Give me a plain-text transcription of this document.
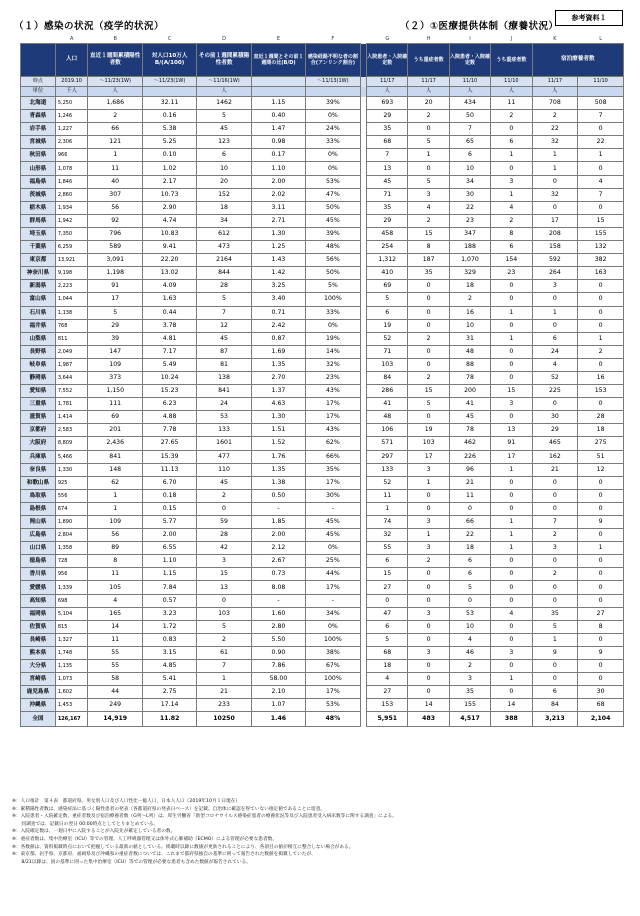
（１）感染の状況（疫学的状況）	（２）①医療提供体制（療養状況）
参考資料１
	A	B	C	D	E	F		G	H	I	J	K	L
	人口	直近１週間累積陽性者数	対人口10万人B/(A/100)	その前１週間累積陽性者数	直近１週間とその前１週間の比(B/D)	感染経路不明な者の割合(アンリンク割合)		入院患者・入院確定数	うち重症者数	入院患者・入院確定数	うち重症者数	宿泊療養者数	
時点	2019.10	～11/23(1W)	～11/23(1W)	～11/16(1W)		～11/13(1W)		11/17	11/17	11/10	11/10	11/17	11/10
単位	千人	人		人				人	人	人	人	人	
北海道	5,250	1,686	32.11	1462	1.15	39%		693	20	434	11	708	508
青森県	1,246	2	0.16	5	0.40	0%		29	2	50	2	2	7
岩手県	1,227	66	5.38	45	1.47	24%		35	0	7	0	22	0
宮城県	2,306	121	5.25	123	0.98	33%		68	5	65	6	32	22
秋田県	966	1	0.10	6	0.17	0%		7	1	6	1	1	1
山形県	1,078	11	1.02	10	1.10	0%		13	0	10	0	1	0
福島県	1,846	40	2.17	20	2.00	53%		45	5	34	3	0	4
茨城県	2,860	307	10.73	152	2.02	47%		71	3	30	1	32	7
栃木県	1,934	56	2.90	18	3.11	50%		35	4	22	4	0	0
群馬県	1,942	92	4.74	34	2.71	45%		29	2	23	2	17	15
埼玉県	7,350	796	10.83	612	1.30	39%		458	15	347	8	208	155
千葉県	6,259	589	9.41	473	1.25	48%		254	8	188	6	158	132
東京都	13,921	3,091	22.20	2164	1.43	56%		1,312	187	1,070	154	592	382
神奈川県	9,198	1,198	13.02	844	1.42	50%		410	35	329	23	264	163
新潟県	2,223	91	4.09	28	3.25	5%		69	0	18	0	3	0
富山県	1,044	17	1.63	5	3.40	100%		5	0	2	0	0	0
石川県	1,138	5	0.44	7	0.71	33%		6	0	16	1	1	0
福井県	768	29	3.78	12	2.42	0%		19	0	10	0	0	0
山梨県	811	39	4.81	45	0.87	19%		52	2	31	1	6	1
長野県	2,049	147	7.17	87	1.69	14%		71	0	48	0	24	2
岐阜県	1,987	109	5.49	81	1.35	32%		103	0	88	0	4	0
静岡県	3,644	373	10.24	138	2.70	23%		84	2	78	0	52	16
愛知県	7,552	1,150	15.23	841	1.37	43%		286	15	200	15	225	153
三重県	1,781	111	6.23	24	4.63	17%		41	5	41	3	0	0
滋賀県	1,414	69	4.88	53	1.30	17%		48	0	45	0	30	28
京都府	2,583	201	7.78	133	1.51	43%		106	19	78	13	29	18
大阪府	8,809	2,436	27.65	1601	1.52	62%		571	103	462	91	465	275
兵庫県	5,466	841	15.39	477	1.76	66%		297	17	226	17	162	51
奈良県	1,330	148	11.13	110	1.35	35%		133	3	96	1	21	12
和歌山県	925	62	6.70	45	1.38	17%		52	1	21	0	0	0
鳥取県	556	1	0.18	2	0.50	30%		11	0	11	0	0	0
島根県	674	1	0.15	0	-	-		1	0	0	0	0	0
岡山県	1,890	109	5.77	59	1.85	45%		74	3	66	1	7	9
広島県	2,804	56	2.00	28	2.00	45%		32	1	22	1	2	0
山口県	1,358	89	6.55	42	2.12	0%		55	3	18	1	3	1
徳島県	728	8	1.10	3	2.67	25%		6	2	6	0	0	0
香川県	956	11	1.15	15	0.73	44%		15	0	6	0	2	0
愛媛県	1,339	105	7.84	13	8.08	17%		27	0	5	0	0	0
高知県	698	4	0.57	0	-	-		0	0	0	0	0	0
福岡県	5,104	165	3.23	103	1.60	34%		47	3	53	4	35	27
佐賀県	815	14	1.72	5	2.80	0%		6	0	10	0	5	8
長崎県	1,327	11	0.83	2	5.50	100%		5	0	4	0	1	0
熊本県	1,748	55	3.15	61	0.90	38%		68	3	46	3	9	9
大分県	1,135	55	4.85	7	7.86	67%		18	0	2	0	0	0
宮崎県	1,073	58	5.41	1	58.00	100%		4	0	3	1	0	0
鹿児島県	1,602	44	2.75	21	2.10	17%		27	0	35	0	6	30
沖縄県	1,453	249	17.14	233	1.07	53%		153	14	155	14	84	68
全国	126,167	14,919	11.82	10250	1.46	48%		5,951	483	4,517	388	3,213	2,104
※：人口推計　第４表　都道府県、男女別人口及び人口性比－総人口，日本人人口（2019年10月１日現在）
※：累積陽性者数は、感染症法に基づく陽性患者の発表（各都道府県の発表日ベース）を記載。自治体に確認を得ていない推定値であることに留意。
※：入院患者・入院確定数、重症者数及び宿泊療養者数（G列～L列）は、厚生労働省「新型コロナウイルス感染症患者の療養状況等及び入院患者受入病床数等に関する調査」による。
　　同調査では、記載日の翌日 00:00時点としてとりまとめている。
※：入院確定数は、一週日中に入院することが入院先が確定している者の数。
※：重症者数は、集中治療室（ICU）等での管理、人工呼吸器管理又は体外式心肺補助（ECMO）による管理が必要な患者数。
※：各数値は、資料掲載時点において把握している最新の値としている。掲載時以降に数値が更新されることにより、各項目の値が相互に整合しない場合がある。
※：東京都、岩手県、京都府、福岡県及び沖縄県の重症者数については、これまで都府県独自の基準に則って報告された数値を掲載していたが、
　　8/21以降は、国の基準に則った集中治療室（ICU）等での管理が必要な患者も含めた数値が報告されている。
